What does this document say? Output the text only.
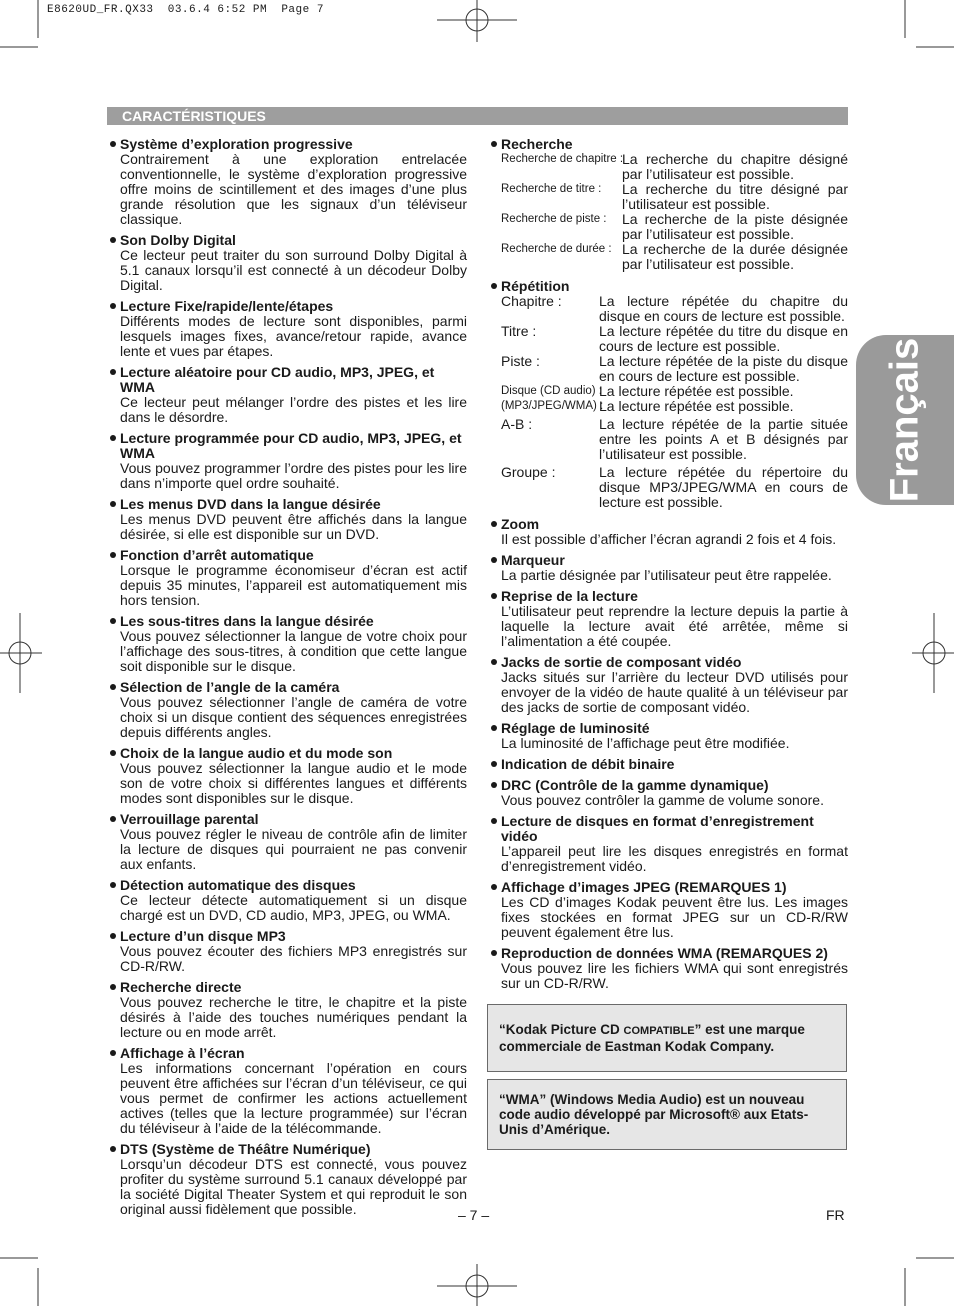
E8620UD_FR.QX33  03.6.4 6:52 PM  Page 7
CARACTÉRISTIQUES
Français
Système d’exploration progressive
Contrairement à une exploration entrelacée conventionnelle, le système d’exploration progressive offre moins de scintillement et des images d’une plus grande résolution que les signaux d’un téléviseur classique.
Son Dolby Digital
Ce lecteur peut traiter du son surround Dolby Digital à 5.1 canaux lorsqu’il est connecté à un décodeur Dolby Digital.
Lecture Fixe/rapide/lente/étapes
Différents modes de lecture sont disponibles, parmi lesquels images fixes, avance/retour rapide, avance lente et vues par étapes.
Lecture aléatoire pour CD audio, MP3, JPEG, et WMA
Ce lecteur peut mélanger l’ordre des pistes et les lire dans le désordre.
Lecture programmée pour CD audio, MP3, JPEG, et WMA
Vous pouvez programmer l’ordre des pistes pour les lire dans n’importe quel ordre souhaité.
Les menus DVD dans la langue désirée
Les menus DVD peuvent être affichés dans la langue désirée, si elle est disponible sur un DVD.
Fonction d’arrêt automatique
Lorsque le programme économiseur d’écran est actif depuis 35 minutes, l’appareil est automatiquement mis hors tension.
Les sous-titres dans la langue désirée
Vous pouvez sélectionner la langue de votre choix pour l’affichage des sous-titres, à condition que cette langue soit disponible sur le disque.
Sélection de l’angle de la caméra
Vous pouvez sélectionner l’angle de caméra de votre choix si un disque contient des séquences enregistrées depuis différents angles.
Choix de la langue audio et du mode son
Vous pouvez sélectionner la langue audio et le mode son de votre choix si différentes langues et différents modes sont disponibles sur le disque.
Verrouillage parental
Vous pouvez régler le niveau de contrôle afin de limiter la lecture de disques qui pourraient ne pas convenir aux enfants.
Détection automatique des disques
Ce lecteur détecte automatiquement si un disque chargé est un DVD, CD audio, MP3, JPEG, ou WMA.
Lecture d’un disque MP3
Vous pouvez écouter des fichiers MP3 enregistrés sur CD-R/RW.
Recherche directe
Vous pouvez recherche le titre, le chapitre et la piste désirés à l’aide des touches numériques pendant la lecture ou en mode arrêt.
Affichage à l’écran
Les informations concernant l’opération en cours peuvent être affichées sur l’écran d’un téléviseur, ce qui vous permet de confirmer les actions actuellement actives (telles que la lecture programmée) sur l’écran du téléviseur à l’aide de la télécommande.
DTS (Système de Théâtre Numérique)
Lorsqu’un décodeur DTS est connecté, vous pouvez profiter du système surround 5.1 canaux développé par la société Digital Theater System et qui reproduit le son original aussi fidèlement que possible.
Recherche
Recherche de chapitre :
La recherche du chapitre désigné par l’utilisateur est possible.
Recherche de titre :	La recherche du titre désigné par l’utilisateur est possible.
Recherche de piste :	La recherche de la piste désignée par l’utilisateur est possible.
Recherche de durée : La recherche de la durée désignée par l’utilisateur est possible.
Répétition
Chapitre :	La lecture répétée du chapitre du disque en cours de lecture est possible.
Titre :	La lecture répétée du titre du disque en cours de lecture est possible.
Piste :	La lecture répétée de la piste du disque en cours de lecture est possible.
Disque (CD audio) :
La lecture répétée est possible.
(MP3/JPEG/WMA) :
La lecture répétée est possible.
A-B :	La lecture répétée de la partie située entre les points A et B désignés par l’utilisateur est possible.
Groupe :	La lecture répétée du répertoire du disque MP3/JPEG/WMA en cours de lecture est possible.
Zoom
Il est possible d’afficher l’écran agrandi 2 fois et 4 fois.
Marqueur
La partie désignée par l’utilisateur peut être rappelée.
Reprise de la lecture
L’utilisateur peut reprendre la lecture depuis la partie à laquelle la lecture avait été arrêtée, même si l’alimentation a été coupée.
Jacks de sortie de composant vidéo
Jacks situés sur l’arrière du lecteur DVD utilisés pour envoyer de la vidéo de haute qualité à un téléviseur par des jacks de sortie de composant vidéo.
Réglage de luminosité
La luminosité de l’affichage peut être modifiée.
Indication de débit binaire
DRC (Contrôle de la gamme dynamique)
Vous pouvez contrôler la gamme de volume sonore.
Lecture de disques en format d’enregistrement vidéo
L’appareil peut lire les disques enregistrés en format d’enregistrement vidéo.
Affichage d’images JPEG (REMARQUES 1)
Les CD d’images Kodak peuvent être lus. Les images fixes stockées en format JPEG sur un CD-R/RW peuvent également être lus.
Reproduction de données WMA (REMARQUES 2)
Vous pouvez lire les fichiers WMA qui sont enregistrés sur un CD-R/RW.
“Kodak Picture CD COMPATIBLE” est une marque commerciale de Eastman Kodak Company.
“WMA” (Windows Media Audio) est un nouveau code audio développé par Microsoft® aux Etats-Unis d’Amérique.
– 7 –	FR
